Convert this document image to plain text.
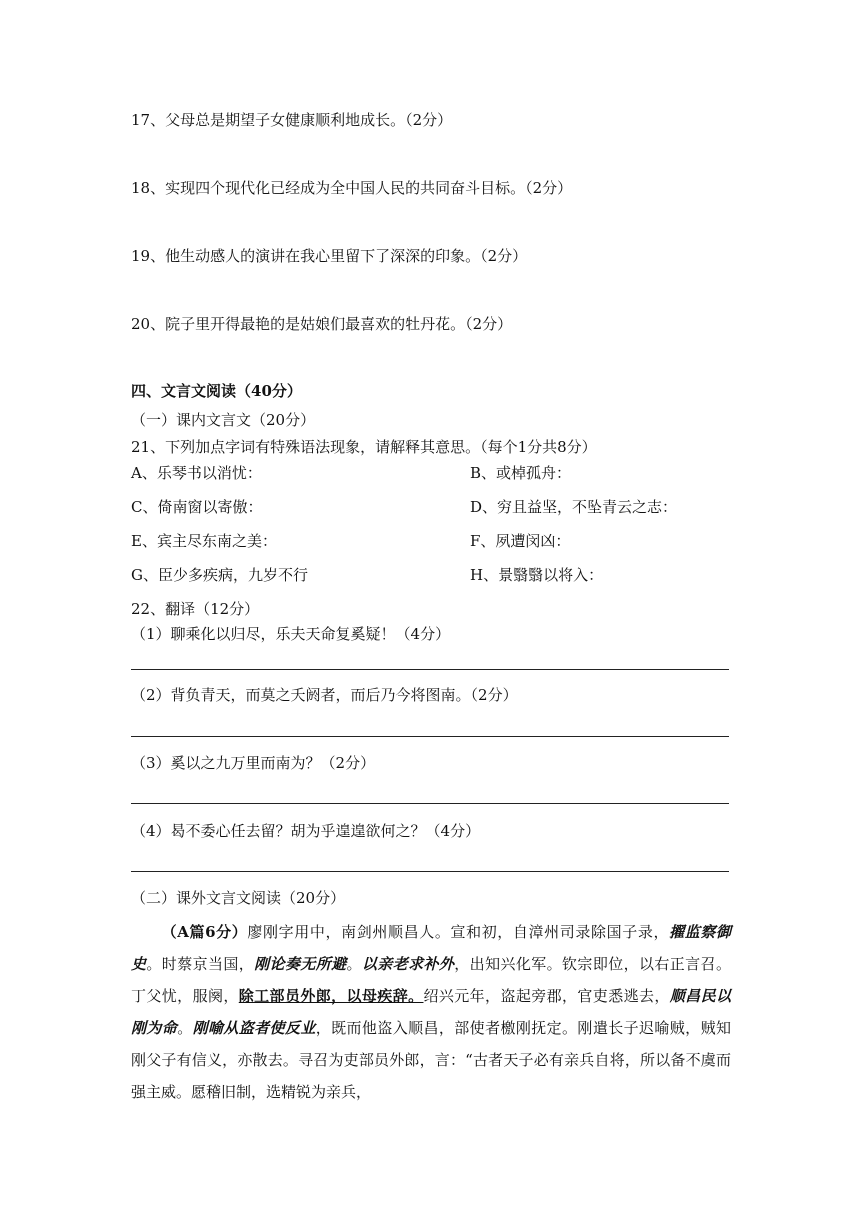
17、父母总是期望子女健康顺利地成长。（2分）
18、实现四个现代化已经成为全中国人民的共同奋斗目标。（2分）
19、他生动感人的演讲在我心里留下了深深的印象。（2分）
20、院子里开得最艳的是姑娘们最喜欢的牡丹花。（2分）
四、文言文阅读（40分）
（一）课内文言文（20分）
21、下列加点字词有特殊语法现象，请解释其意思。（每个1分共8分）
A、乐琴书以消忧：	B、或棹孤舟：
C、倚南窗以寄傲：	D、穷且益坚，不坠青云之志：
E、宾主尽东南之美：	F、夙遭闵凶：
G、臣少多疾病，九岁不行	H、景翳翳以将入：
22、翻译（12分）
（1）聊乘化以归尽，乐夫天命复奚疑！（4分）
（2）背负青天，而莫之夭阏者，而后乃今将图南。（2分）
（3）奚以之九万里而南为？（2分）
（4）曷不委心任去留？胡为乎遑遑欲何之？（4分）
（二）课外文言文阅读（20分）
（A篇6分）廖刚字用中，南剑州顺昌人。宣和初，自漳州司录除国子录，擢监察御史。时蔡京当国，刚论奏无所避。以亲老求补外，出知兴化军。钦宗即位，以右正言召。丁父忧，服阕，除工部员外郎，以母疾辞。绍兴元年，盗起旁郡，官吏悉逃去，顺昌民以刚为命。刚喻从盗者使反业，既而他盗入顺昌，部使者檄刚抚定。刚遣长子迟喻贼，贼知刚父子有信义，亦散去。寻召为吏部员外郎，言：“古者天子必有亲兵自将，所以备不虞而强主威。愿稽旧制，选精锐为亲兵，
